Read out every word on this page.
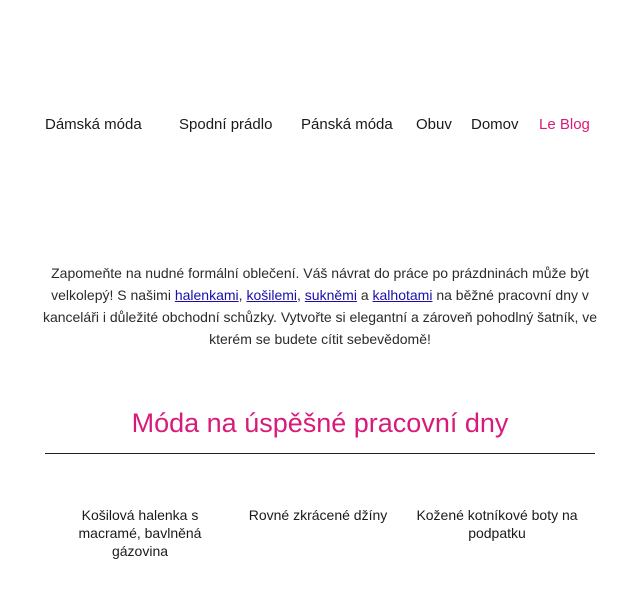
Dámská móda Spodní prádlo Pánská móda Obuv Domov Le Blog

Zapomeňte na nudné formální oblečení. Váš návrat do práce po prázdninách může být velkolepý! S našimi halenkami, košilemi, sukněmi a kalhotami na běžné pracovní dny v kanceláři i důležité obchodní schůzky. Vytvořte si elegantní a zároveň pohodlný šatník, ve kterém se budete cítit sebevědomě!

Móda na úspěšné pracovní dny
Košilová halenka s macramé, bavlněná gázovina
Rovné zkrácené džíny	Kožené kotníkové boty na podpatku
